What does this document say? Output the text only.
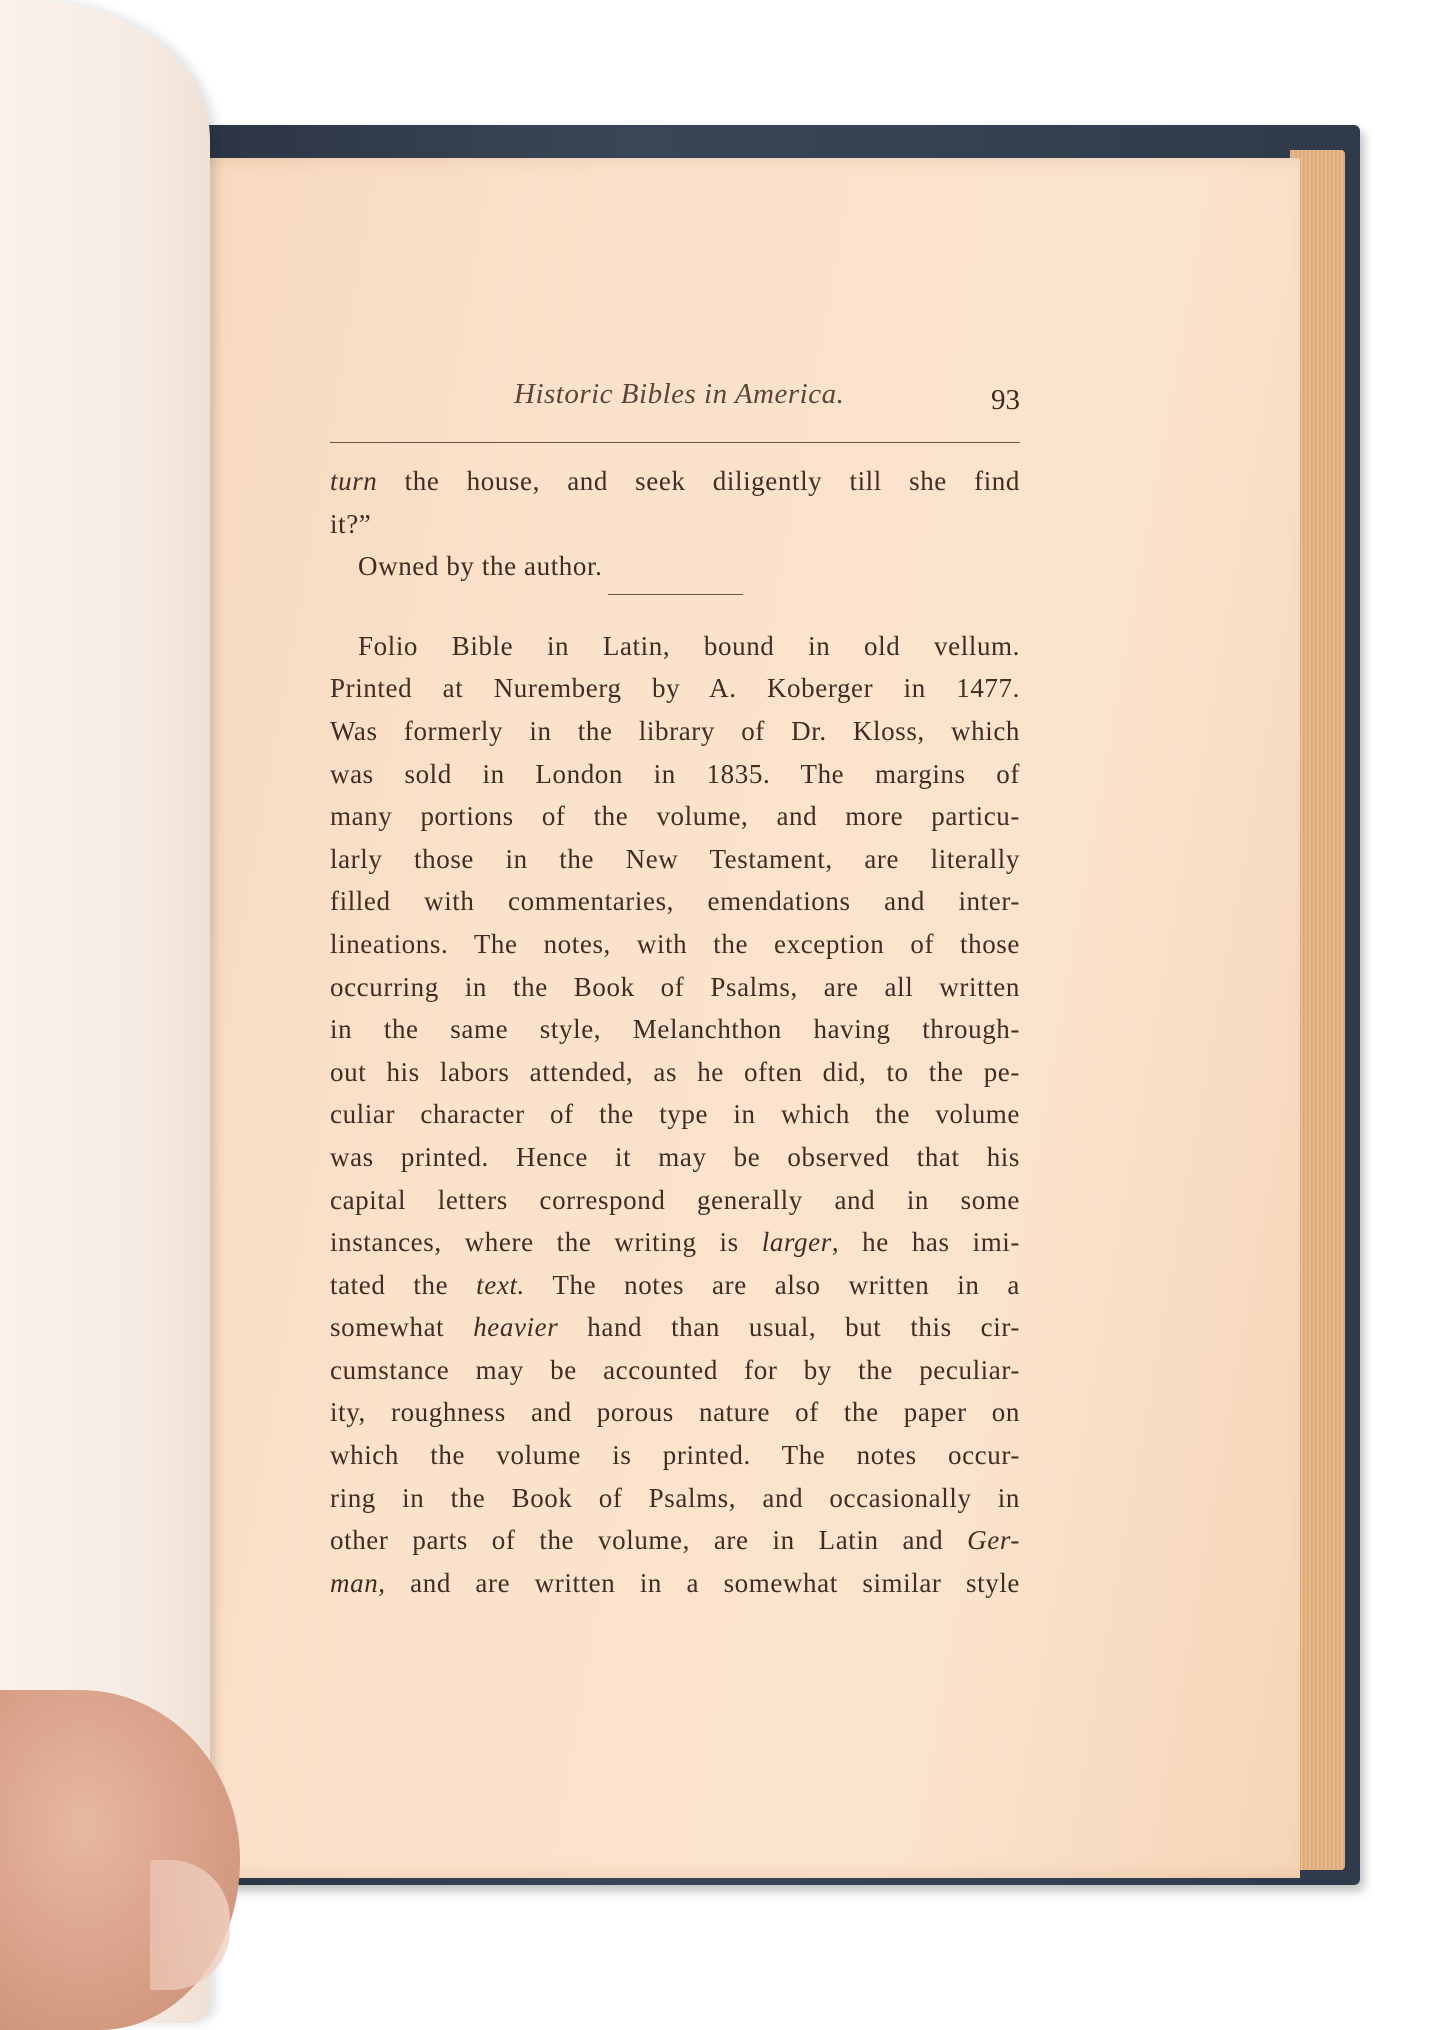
Historic Bibles in America.	93
turn the house, and seek diligently till she find
it?”
Owned by the author.
Folio Bible in Latin, bound in old vellum.
Printed at Nuremberg by A. Koberger in 1477.
Was formerly in the library of Dr. Kloss, which
was sold in London in 1835. The margins of
many portions of the volume, and more particu-
larly those in the New Testament, are literally
filled with commentaries, emendations and inter-
lineations. The notes, with the exception of those
occurring in the Book of Psalms, are all written
in the same style, Melanchthon having through-
out his labors attended, as he often did, to the pe-
culiar character of the type in which the volume
was printed. Hence it may be observed that his
capital letters correspond generally and in some
instances, where the writing is larger, he has imi-
tated the text. The notes are also written in a
somewhat heavier hand than usual, but this cir-
cumstance may be accounted for by the peculiar-
ity, roughness and porous nature of the paper on
which the volume is printed. The notes occur-
ring in the Book of Psalms, and occasionally in
other parts of the volume, are in Latin and Ger-
man, and are written in a somewhat similar style
